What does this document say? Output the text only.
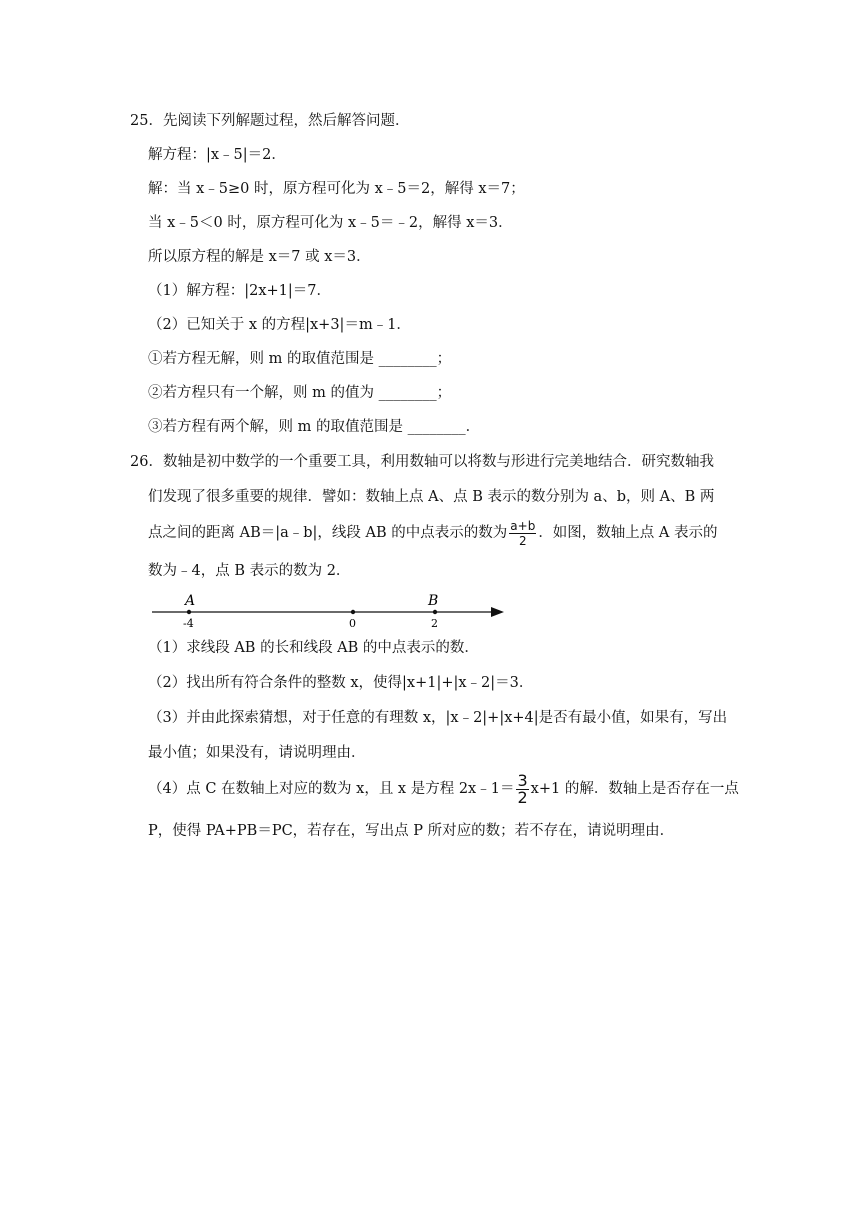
25．先阅读下列解题过程，然后解答问题．
解方程：|x﹣5|＝2．
解：当 x﹣5≥0 时，原方程可化为 x﹣5＝2，解得 x＝7；
当 x﹣5＜0 时，原方程可化为 x﹣5＝﹣2，解得 x＝3．
所以原方程的解是 x＝7 或 x＝3．
（1）解方程：|2x+1|＝7．
（2）已知关于 x 的方程|x+3|＝m﹣1．
①若方程无解，则 m 的取值范围是 ________；
②若方程只有一个解，则 m 的值为 ________；
③若方程有两个解，则 m 的取值范围是 ________．
26．数轴是初中数学的一个重要工具，利用数轴可以将数与形进行完美地结合．研究数轴我
们发现了很多重要的规律．譬如：数轴上点 A、点 B 表示的数分别为 a、b，则 A、B 两
点之间的距离 AB＝|a﹣b|，线段 AB 的中点表示的数为 $\frac{a+b}{2}$ ．如图，数轴上点 A 表示的
数为﹣4，点 B 表示的数为 2．
A	B
-4	0	2
（1）求线段 AB 的长和线段 AB 的中点表示的数．
（2）找出所有符合条件的整数 x，使得|x+1|+|x﹣2|＝3．
（3）并由此探索猜想，对于任意的有理数 x，|x﹣2|+|x+4|是否有最小值，如果有，写出
最小值；如果没有，请说明理由．
（4）点 C 在数轴上对应的数为 x，且 x 是方程 2x﹣1＝ $\frac{3}{2} x+1$ 的解．数轴上是否存在一点
P，使得 PA+PB＝PC，若存在，写出点 P 所对应的数；若不存在，请说明理由．
